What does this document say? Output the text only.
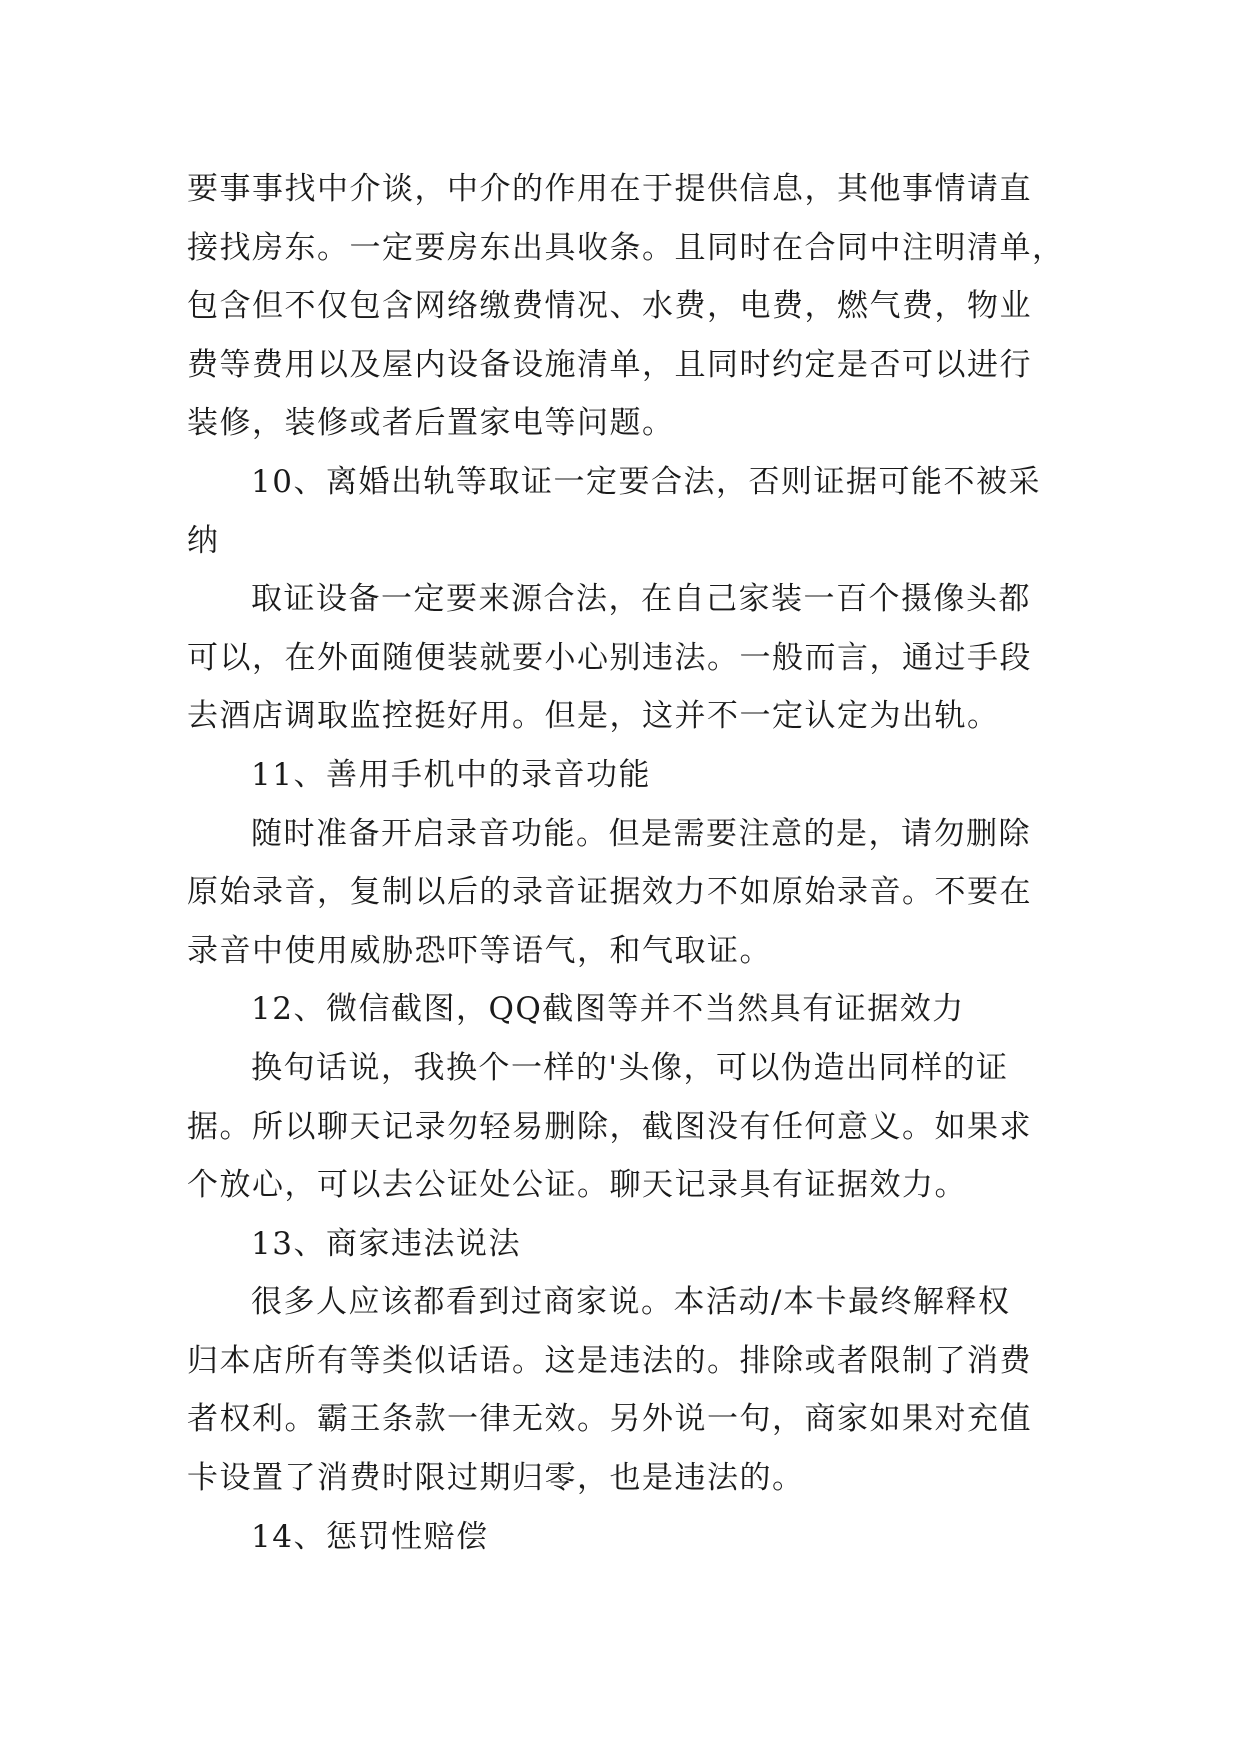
要事事找中介谈，中介的作用在于提供信息，其他事情请直
接找房东。一定要房东出具收条。且同时在合同中注明清单，
包含但不仅包含网络缴费情况、水费，电费，燃气费，物业
费等费用以及屋内设备设施清单，且同时约定是否可以进行
装修，装修或者后置家电等问题。
10、离婚出轨等取证一定要合法，否则证据可能不被采
纳
取证设备一定要来源合法，在自己家装一百个摄像头都
可以，在外面随便装就要小心别违法。一般而言，通过手段
去酒店调取监控挺好用。但是，这并不一定认定为出轨。
11、善用手机中的录音功能
随时准备开启录音功能。但是需要注意的是，请勿删除
原始录音，复制以后的录音证据效力不如原始录音。不要在
录音中使用威胁恐吓等语气，和气取证。
12、微信截图，QQ截图等并不当然具有证据效力
换句话说，我换个一样的'头像，可以伪造出同样的证
据。所以聊天记录勿轻易删除，截图没有任何意义。如果求
个放心，可以去公证处公证。聊天记录具有证据效力。
13、商家违法说法
很多人应该都看到过商家说。本活动/本卡最终解释权
归本店所有等类似话语。这是违法的。排除或者限制了消费
者权利。霸王条款一律无效。另外说一句，商家如果对充值
卡设置了消费时限过期归零，也是违法的。
14、惩罚性赔偿
